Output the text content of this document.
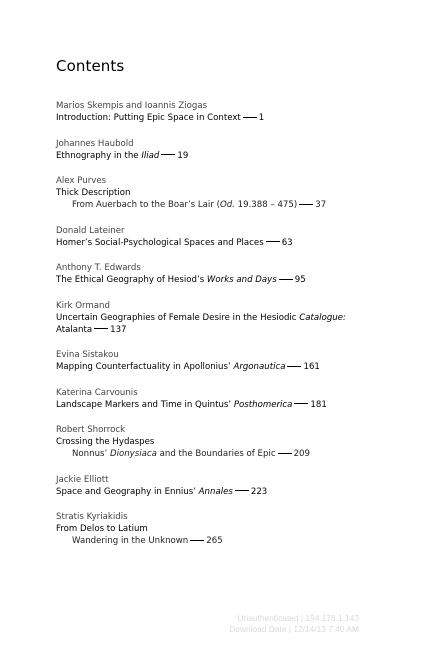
Contents
Marios Skempis and Ioannis Ziogas
Introduction: Putting Epic Space in Context 1
Johannes Haubold
Ethnography in the Iliad 19
Alex Purves
Thick Description
From Auerbach to the Boar’s Lair (Od. 19.388 – 475) 37
Donald Lateiner
Homer’s Social-Psychological Spaces and Places 63
Anthony T. Edwards
The Ethical Geography of Hesiod’s Works and Days 95
Kirk Ormand
Uncertain Geographies of Female Desire in the Hesiodic Catalogue:
Atalanta 137
Evina Sistakou
Mapping Counterfactuality in Apollonius’ Argonautica 161
Katerina Carvounis
Landscape Markers and Time in Quintus’ Posthomerica 181
Robert Shorrock
Crossing the Hydaspes
Nonnus’ Dionysiaca and the Boundaries of Epic 209
Jackie Elliott
Space and Geography in Ennius’ Annales 223
Stratis Kyriakidis
From Delos to Latium
Wandering in the Unknown 265
Unauthenticated | 194.176.1.143
Download Date | 12/14/13 7:40 AM
